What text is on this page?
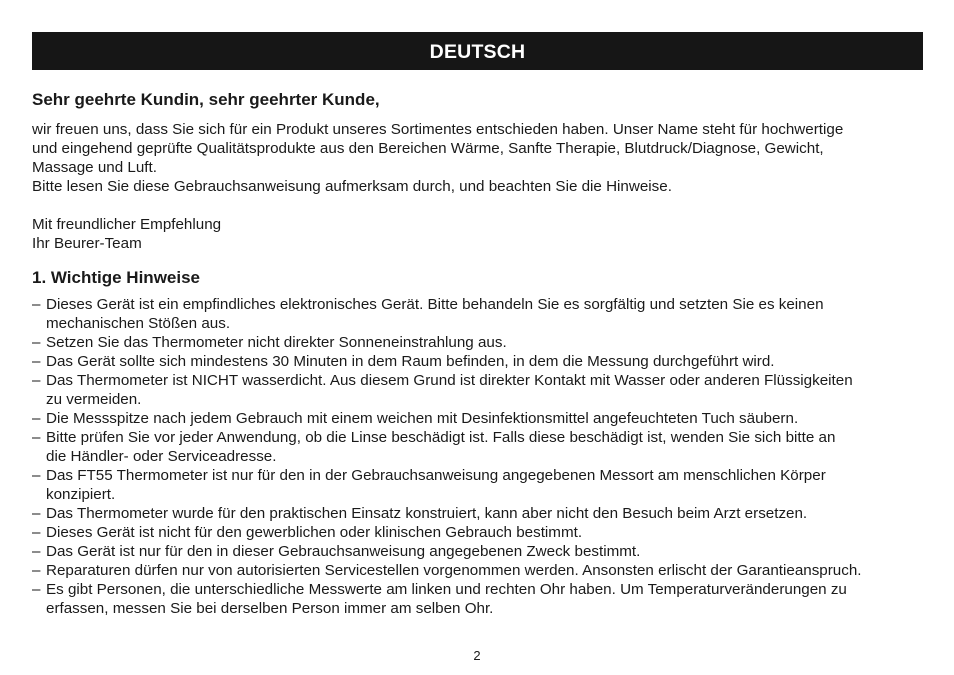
DEUTSCH
Sehr geehrte Kundin, sehr geehrter Kunde,

wir freuen uns, dass Sie sich für ein Produkt unseres Sortimentes entschieden haben. Unser Name steht für hochwertige

und eingehend geprüfte Qualitätsprodukte aus den Bereichen Wärme, Sanfte Therapie, Blutdruck/Diagnose, Gewicht,

Massage und Luft.

Bitte lesen Sie diese Gebrauchsanweisung aufmerksam durch, und beachten Sie die Hinweise.

Mit freundlicher Empfehlung

Ihr Beurer-Team

1. Wichtige Hinweise
– Dieses Gerät ist ein empfindliches elektronisches Gerät. Bitte behandeln Sie es sorgfältig und setzten Sie es keinen
mechanischen Stößen aus.
– Setzen Sie das Thermometer nicht direkter Sonneneinstrahlung aus.
– Das Gerät sollte sich mindestens 30 Minuten in dem Raum befinden, in dem die Messung durchgeführt wird.
– Das Thermometer ist NICHT wasserdicht. Aus diesem Grund ist direkter Kontakt mit Wasser oder anderen Flüssigkeiten
zu vermeiden.
– Die Messspitze nach jedem Gebrauch mit einem weichen mit Desinfektionsmittel angefeuchteten Tuch säubern.
– Bitte prüfen Sie vor jeder Anwendung, ob die Linse beschädigt ist. Falls diese beschädigt ist, wenden Sie sich bitte an
die Händler- oder Serviceadresse.
– Das FT55 Thermometer ist nur für den in der Gebrauchsanweisung angegebenen Messort am menschlichen Körper
konzipiert.
– Das Thermometer wurde für den praktischen Einsatz konstruiert, kann aber nicht den Besuch beim Arzt ersetzen.
– Dieses Gerät ist nicht für den gewerblichen oder klinischen Gebrauch bestimmt.
– Das Gerät ist nur für den in dieser Gebrauchsanweisung angegebenen Zweck bestimmt.
– Reparaturen dürfen nur von autorisierten Servicestellen vorgenommen werden. Ansonsten erlischt der Garantieanspruch.
– Es gibt Personen, die unterschiedliche Messwerte am linken und rechten Ohr haben. Um Temperaturveränderungen zu
erfassen, messen Sie bei derselben Person immer am selben Ohr.
2
